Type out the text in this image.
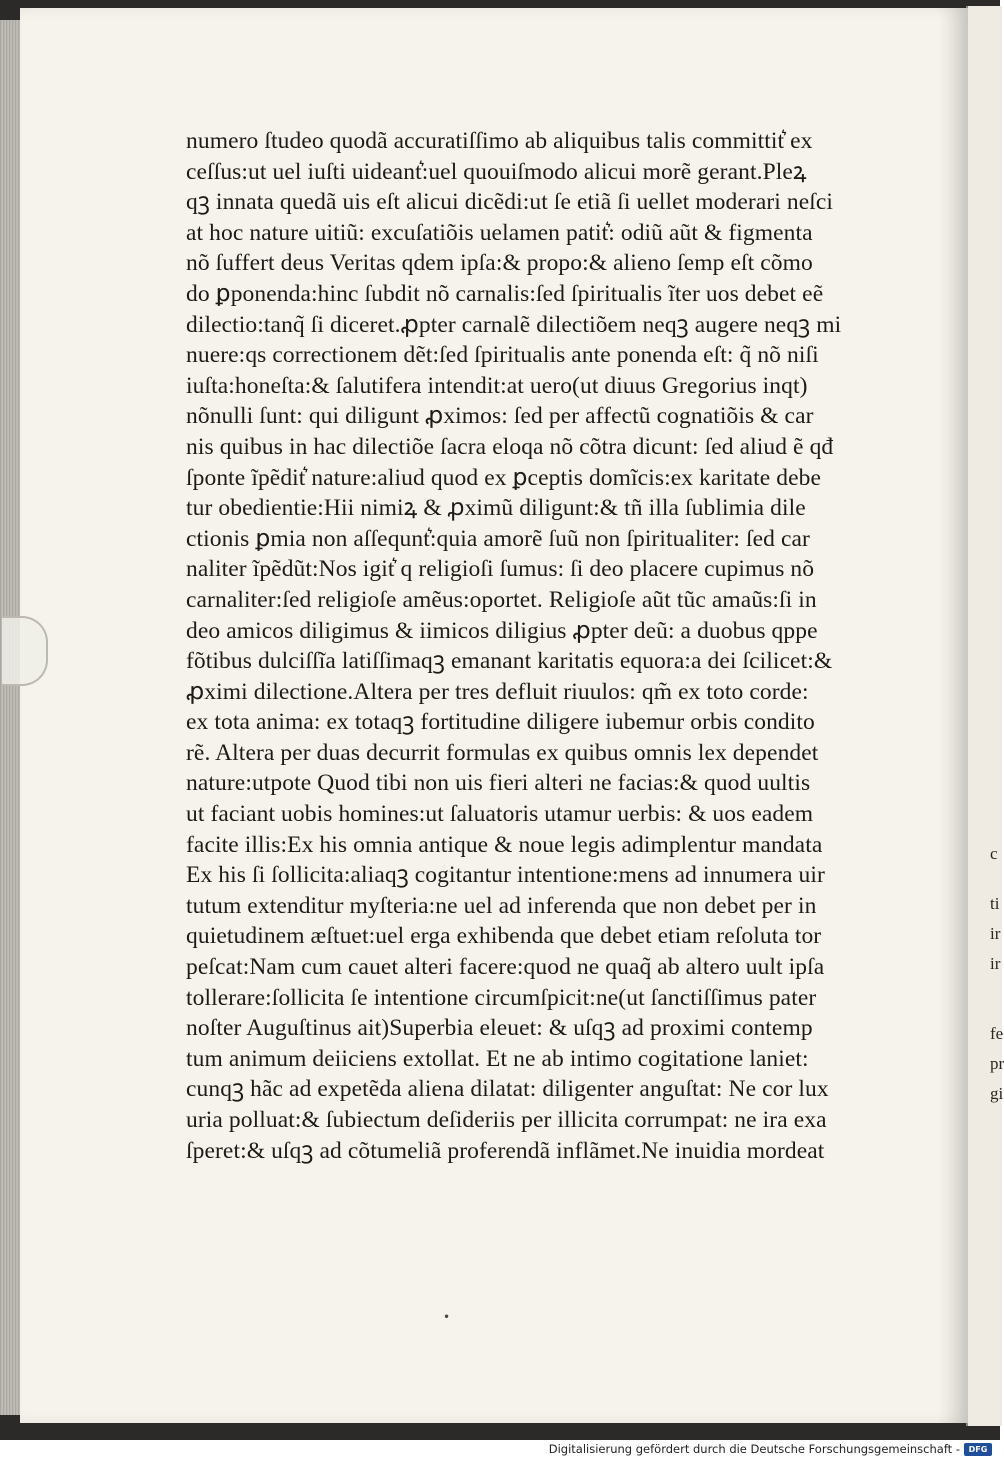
c
ti
ir
ir
fe
pr
gi
numero ſtudeo quodã accuratiſſimo ab aliquibus talis committit͛ ex
ceſſus:ut uel iuſti uideant͛:uel quouiſmodo alicui morẽ gerant.Pleꝝ
qꝫ innata quedã uis eſt alicui dicẽdi:ut ſe etiã ſi uellet moderari neſci
at hoc nature uitiũ: excuſatiõis uelamen patit͛: odiũ aũt & figmenta
nõ ſuffert deus Veritas qdem ipſa:& propo:& alieno ſemp eſt cõmo
do ꝑponenda:hinc ſubdit nõ carnalis:ſed ſpiritualis ĩter uos debet eẽ
dilectio:tanq̃ ſi diceret.ꝓpter carnalẽ dilectiõem neqꝫ augere neqꝫ mi
nuere:qs correctionem dẽt:ſed ſpiritualis ante ponenda eſt: q̃ nõ niſi
iuſta:honeſta:& ſalutifera intendit:at uero(ut diuus Gregorius inqt)
nõnulli ſunt: qui diligunt ꝓximos: ſed per affectũ cognatiõis & car
nis quibus in hac dilectiõe ſacra eloqa nõ cõtra dicunt: ſed aliud ẽ qđ
ſponte ĩpẽdit͛ nature:aliud quod ex ꝑceptis domĩcis:ex karitate debe
tur obedientie:Hii nimiꝝ & ꝓximũ diligunt:& tñ illa ſublimia dile
ctionis ꝑmia non aſſequnt͛:quia amorẽ ſuũ non ſpiritualiter: ſed car
naliter ĩpẽdũt:Nos igit͛ q religioſi ſumus: ſi deo placere cupimus nõ
carnaliter:ſed religioſe amẽus:oportet. Religioſe aũt tũc amaũs:ſi in
deo amicos diligimus & iimicos diligius ꝓpter deũ: a duobus qppe
fõtibus dulciſſĩa latiſſimaqꝫ emanant karitatis equora:a dei ſcilicet:&
ꝓximi dilectione.Altera per tres defluit riuulos: qm̃ ex toto corde:
ex tota anima: ex totaqꝫ fortitudine diligere iubemur orbis condito
rẽ. Altera per duas decurrit formulas ex quibus omnis lex dependet
nature:utpote Quod tibi non uis fieri alteri ne facias:& quod uultis
ut faciant uobis homines:ut ſaluatoris utamur uerbis: & uos eadem
facite illis:Ex his omnia antique & noue legis adimplentur mandata
Ex his ſi ſollicita:aliaqꝫ cogitantur intentione:mens ad innumera uir
tutum extenditur myſteria:ne uel ad inferenda que non debet per in
quietudinem æſtuet:uel erga exhibenda que debet etiam reſoluta tor
peſcat:Nam cum cauet alteri facere:quod ne quaq̃ ab altero uult ipſa
tollerare:ſollicita ſe intentione circumſpicit:ne(ut ſanctiſſimus pater
noſter Auguſtinus ait)Superbia eleuet: & uſqꝫ ad proximi contemp
tum animum deiiciens extollat. Et ne ab intimo cogitatione laniet:
cunqꝫ hãc ad expetẽda aliena dilatat: diligenter anguſtat: Ne cor lux
uria polluat:& ſubiectum deſideriis per illicita corrumpat: ne ira exa
ſperet:& uſqꝫ ad cõtumeliã proferendã inflãmet.Ne inuidia mordeat
•
Digitalisierung gefördert durch die Deutsche Forschungsgemeinschaft -	DFG
